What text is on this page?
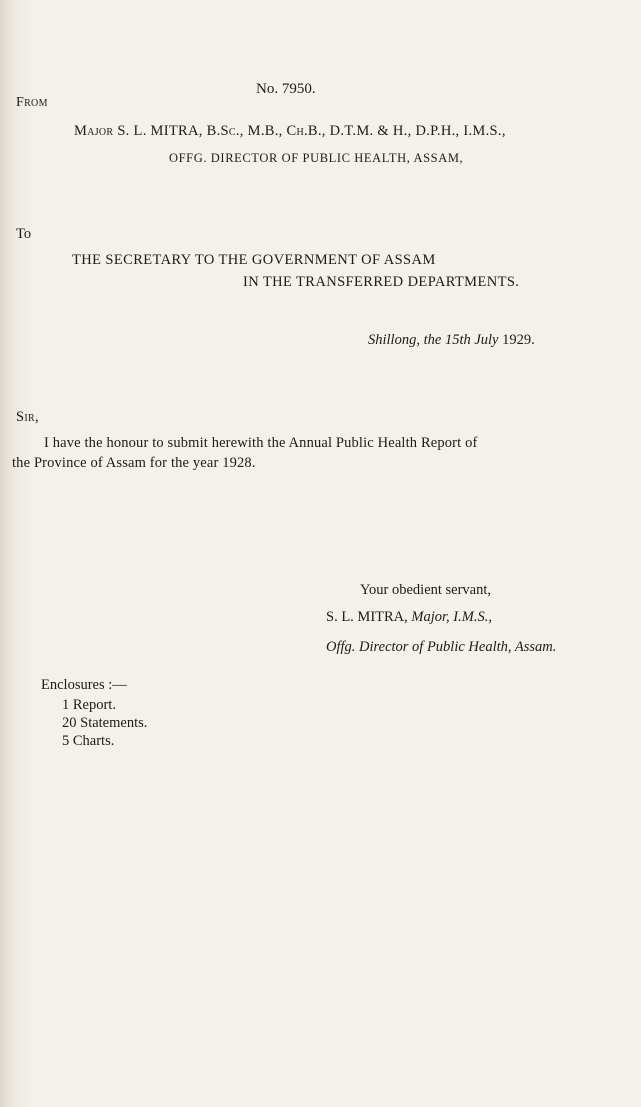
No. 7950.
From
Major S. L. MITRA, B.Sc., M.B., Ch.B., D.T.M. & H., D.P.H., I.M.S.,
OFFG. DIRECTOR OF PUBLIC HEALTH, ASSAM,
To
THE SECRETARY TO THE GOVERNMENT OF ASSAM
IN THE TRANSFERRED DEPARTMENTS.
Shillong, the 15th July 1929.
Sir,
I have the honour to submit herewith the Annual Public Health Report of
the Province of Assam for the year 1928.
Your obedient servant,
S. L. MITRA, Major, I.M.S.,
Offg. Director of Public Health, Assam.
Enclosures :—
1 Report.
20 Statements.
5 Charts.
